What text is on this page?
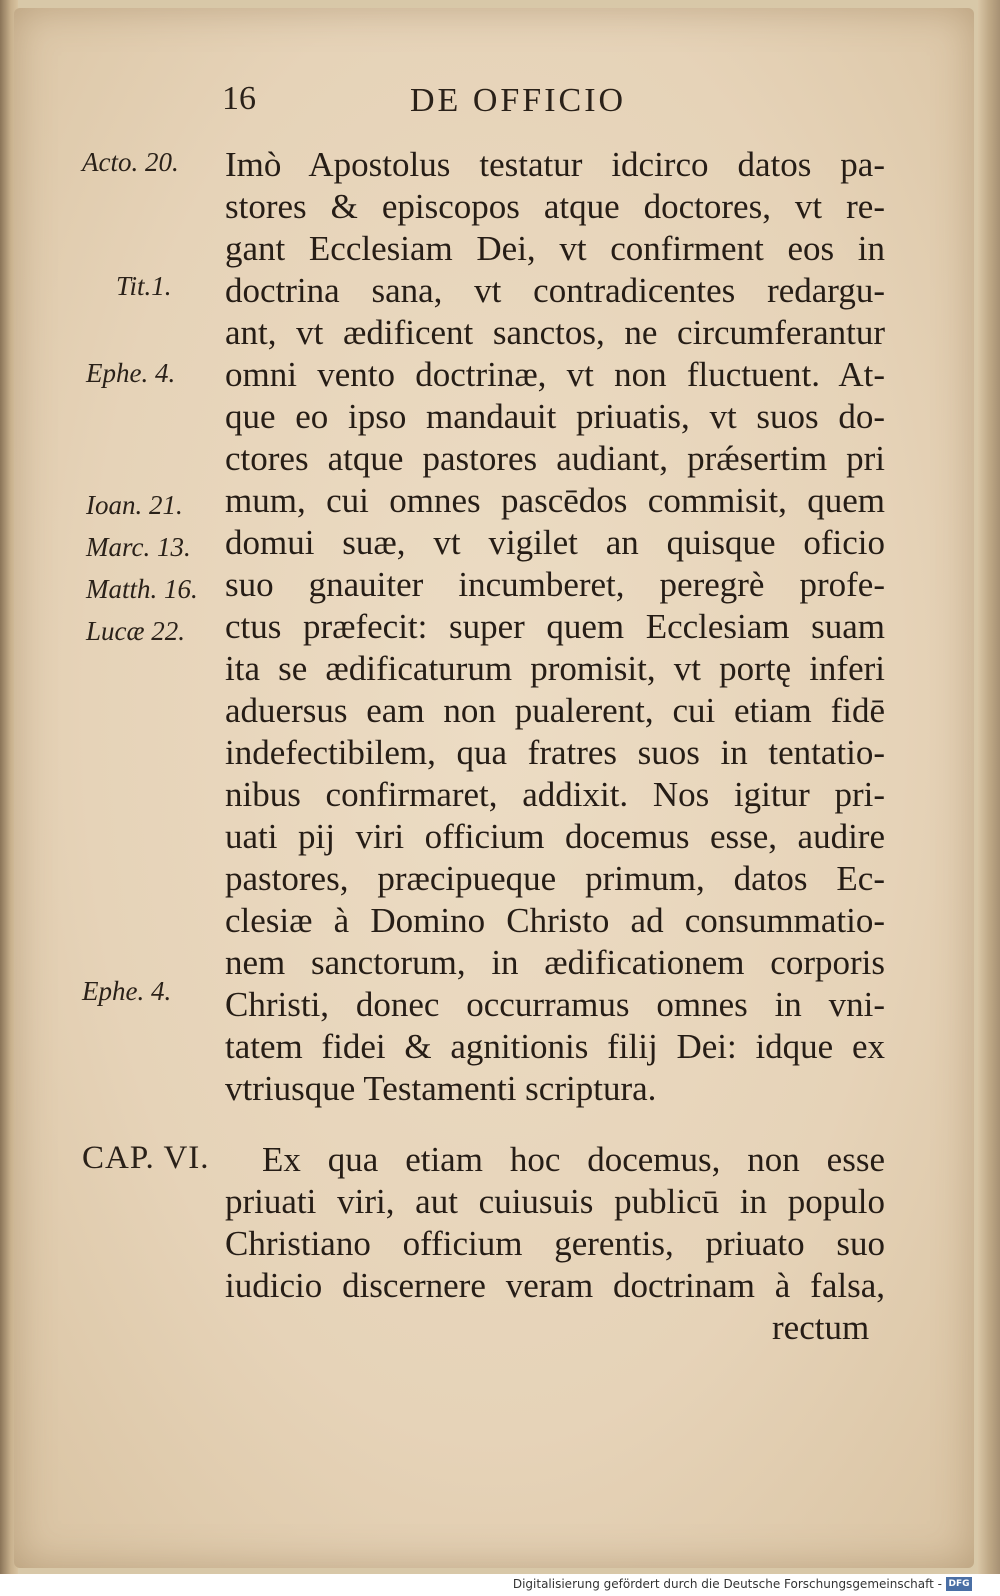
16	DE OFFICIO
Acto. 20.
Tit.1.
Ephe. 4.
Ioan. 21.
Marc. 13.
Matth. 16.
Lucæ 22.
Ephe. 4.
Imò Apostolus testatur idcirco datos pa-
stores & episcopos atque doctores, vt re-
gant Ecclesiam Dei, vt confirment eos in
doctrina sana, vt contradicentes redargu-
ant, vt ædificent sanctos, ne circumferantur
omni vento doctrinæ, vt non fluctuent. At-
que eo ipso mandauit priuatis, vt suos do-
ctores atque pastores audiant, prǽsertim pri
mum, cui omnes pascēdos commisit, quem
domui suæ, vt vigilet an quisque oficio
suo gnauiter incumberet, peregrè profe-
ctus præfecit: super quem Ecclesiam suam
ita se ædificaturum promisit, vt portę inferi
aduersus eam non pualerent, cui etiam fidē
indefectibilem, qua fratres suos in tentatio-
nibus confirmaret, addixit. Nos igitur pri-
uati pij viri officium docemus esse, audire
pastores, præcipueque primum, datos Ec-
clesiæ à Domino Christo ad consummatio-
nem sanctorum, in ædificationem corporis
Christi, donec occurramus omnes in vni-
tatem fidei & agnitionis filij Dei: idque ex
vtriusque Testamenti scriptura.
CAP. VI. Ex qua etiam hoc docemus, non esse
priuati viri, aut cuiusuis publicū in populo
Christiano officium gerentis, priuato suo
iudicio discernere veram doctrinam à falsa,
rectum
Digitalisierung gefördert durch die Deutsche Forschungsgemeinschaft - DFG
